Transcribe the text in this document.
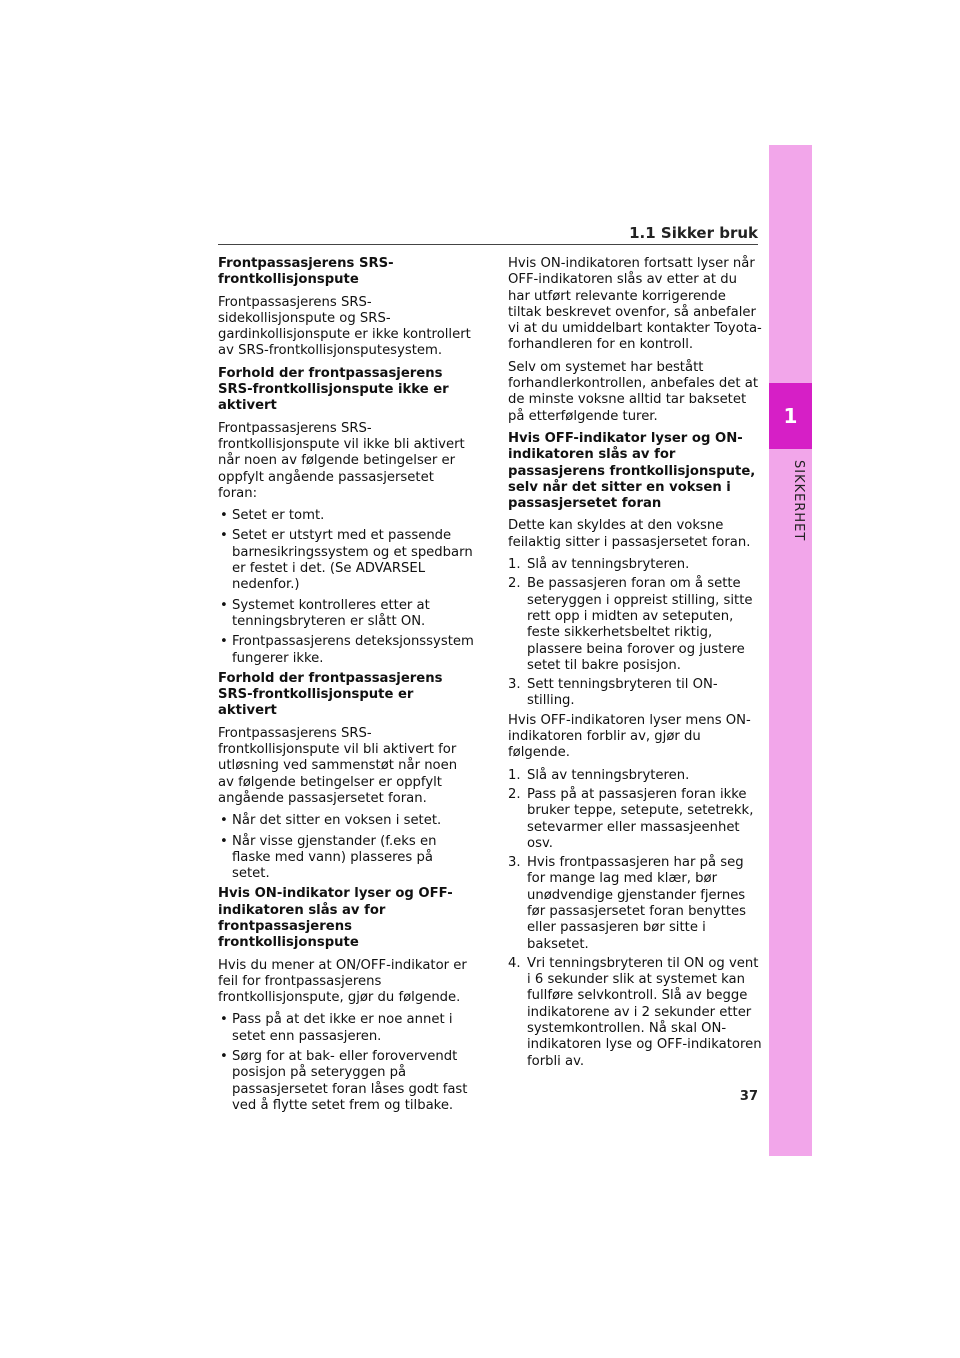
1.1 Sikker bruk
1
SIKKERHET
Frontpassasjerens SRS-frontkollisjonspute
Frontpassasjerens SRS-sidekollisjonspute og SRS-gardinkollisjonspute er ikke kontrollert av SRS-frontkollisjonsputesystem.
Forhold der frontpassasjerens SRS-frontkollisjonspute ikke er aktivert
Frontpassasjerens SRS-frontkollisjonspute vil ikke bli aktivert når noen av følgende betingelser er oppfylt angående passasjersetet foran:
• Setet er tomt.
• Setet er utstyrt med et passende barnesikringssystem og et spedbarn er festet i det. (Se ADVARSEL nedenfor.)
• Systemet kontrolleres etter at tenningsbryteren er slått ON.
• Frontpassasjerens deteksjonssystem fungerer ikke.
Forhold der frontpassasjerens SRS-frontkollisjonspute er aktivert
Frontpassasjerens SRS-frontkollisjonspute vil bli aktivert for utløsning ved sammenstøt når noen av følgende betingelser er oppfylt angående passasjersetet foran.
• Når det sitter en voksen i setet.
• Når visse gjenstander (f.eks en flaske med vann) plasseres på setet.
Hvis ON-indikator lyser og OFF-indikatoren slås av for frontpassasjerens frontkollisjonspute
Hvis du mener at ON/OFF-indikator er feil for frontpassasjerens frontkollisjonspute, gjør du følgende.
• Pass på at det ikke er noe annet i setet enn passasjeren.
• Sørg for at bak- eller forovervendt posisjon på seteryggen på passasjersetet foran låses godt fast ved å flytte setet frem og tilbake.
Hvis ON-indikatoren fortsatt lyser når OFF-indikatoren slås av etter at du har utført relevante korrigerende tiltak beskrevet ovenfor, så anbefaler vi at du umiddelbart kontakter Toyota-forhandleren for en kontroll.
Selv om systemet har bestått forhandlerkontrollen, anbefales det at de minste voksne alltid tar baksetet på etterfølgende turer.
Hvis OFF-indikator lyser og ON-indikatoren slås av for passasjerens frontkollisjonspute, selv når det sitter en voksen i passasjersetet foran
Dette kan skyldes at den voksne feilaktig sitter i passasjersetet foran.
1. Slå av tenningsbryteren.
2. Be passasjeren foran om å sette seteryggen i oppreist stilling, sitte rett opp i midten av seteputen, feste sikkerhetsbeltet riktig, plassere beina forover og justere setet til bakre posisjon.
3. Sett tenningsbryteren til ON-stilling.
Hvis OFF-indikatoren lyser mens ON-indikatoren forblir av, gjør du følgende.
1. Slå av tenningsbryteren.
2. Pass på at passasjeren foran ikke bruker teppe, setepute, setetrekk, setevarmer eller massasjeenhet osv.
3. Hvis frontpassasjeren har på seg for mange lag med klær, bør unødvendige gjenstander fjernes før passasjersetet foran benyttes eller passasjeren bør sitte i baksetet.
4. Vri tenningsbryteren til ON og vent i 6 sekunder slik at systemet kan fullføre selvkontroll. Slå av begge indikatorene av i 2 sekunder etter systemkontrollen. Nå skal ON-indikatoren lyse og OFF-indikatoren forbli av.
37
